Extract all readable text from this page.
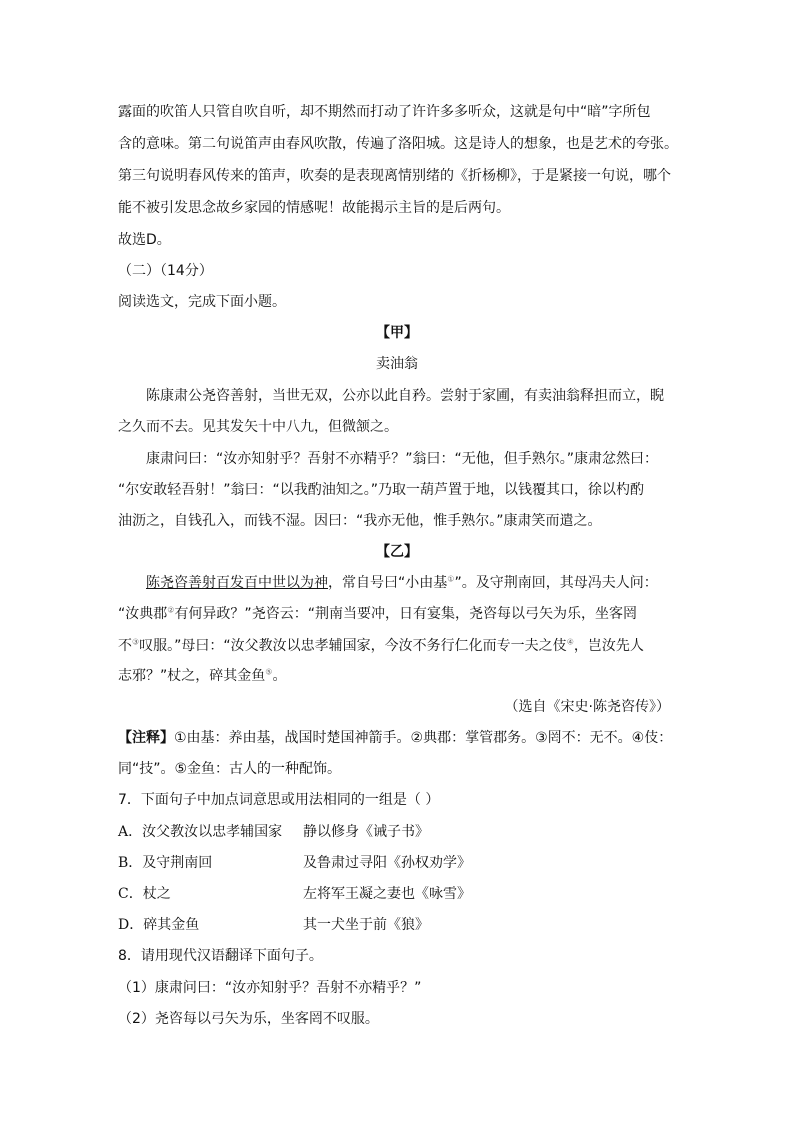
露面的吹笛人只管自吹自听，却不期然而打动了许许多多听众，这就是句中“暗”字所包
含的意味。第二句说笛声由春风吹散，传遍了洛阳城。这是诗人的想象，也是艺术的夸张。
第三句说明春风传来的笛声，吹奏的是表现离情别绪的《折杨柳》，于是紧接一句说，哪个
能不被引发思念故乡家园的情感呢！故能揭示主旨的是后两句。
故选D。
（二）（14分）
阅读选文，完成下面小题。
【甲】
卖油翁
陈康肃公尧咨善射，当世无双，公亦以此自矜。尝射于家圃，有卖油翁释担而立，睨
之久而不去。见其发矢十中八九，但微颔之。
康肃问曰：“汝亦知射乎？吾射不亦精乎？”翁曰：“无他，但手熟尔。”康肃忿然曰：
“尔安敢轻吾射！”翁曰：“以我酌油知之。”乃取一葫芦置于地，以钱覆其口，徐以杓酌
油沥之，自钱孔入，而钱不湿。因曰：“我亦无他，惟手熟尔。”康肃笑而遣之。
【乙】
陈尧咨善射百发百中世以为神，常自号曰“小由基①”。及守荆南回，其母冯夫人问：
“汝典郡②有何异政？”尧咨云：“荆南当要冲，日有宴集，尧咨每以弓矢为乐，坐客罔
不③叹服。”母曰：“汝父教汝以忠孝辅国家，今汝不务行仁化而专一夫之伎④，岂汝先人
志邪？”杖之，碎其金鱼⑤。
（选自《宋史·陈尧咨传》）
【注释】①由基：养由基，战国时楚国神箭手。②典郡：掌管郡务。③罔不：无不。④伎：
同“技”。⑤金鱼：古人的一种配饰。
7．下面句子中加点词意思或用法相同的一组是（ ）
A．汝父教汝以忠孝辅国家 静以修身《诫子书》
B．及守荆南回	及鲁肃过寻阳《孙权劝学》
C．杖之	左将军王凝之妻也《咏雪》
D．碎其金鱼	其一犬坐于前《狼》
8．请用现代汉语翻译下面句子。
（1）康肃问曰：“汝亦知射乎？吾射不亦精乎？”
（2）尧咨每以弓矢为乐，坐客罔不叹服。
